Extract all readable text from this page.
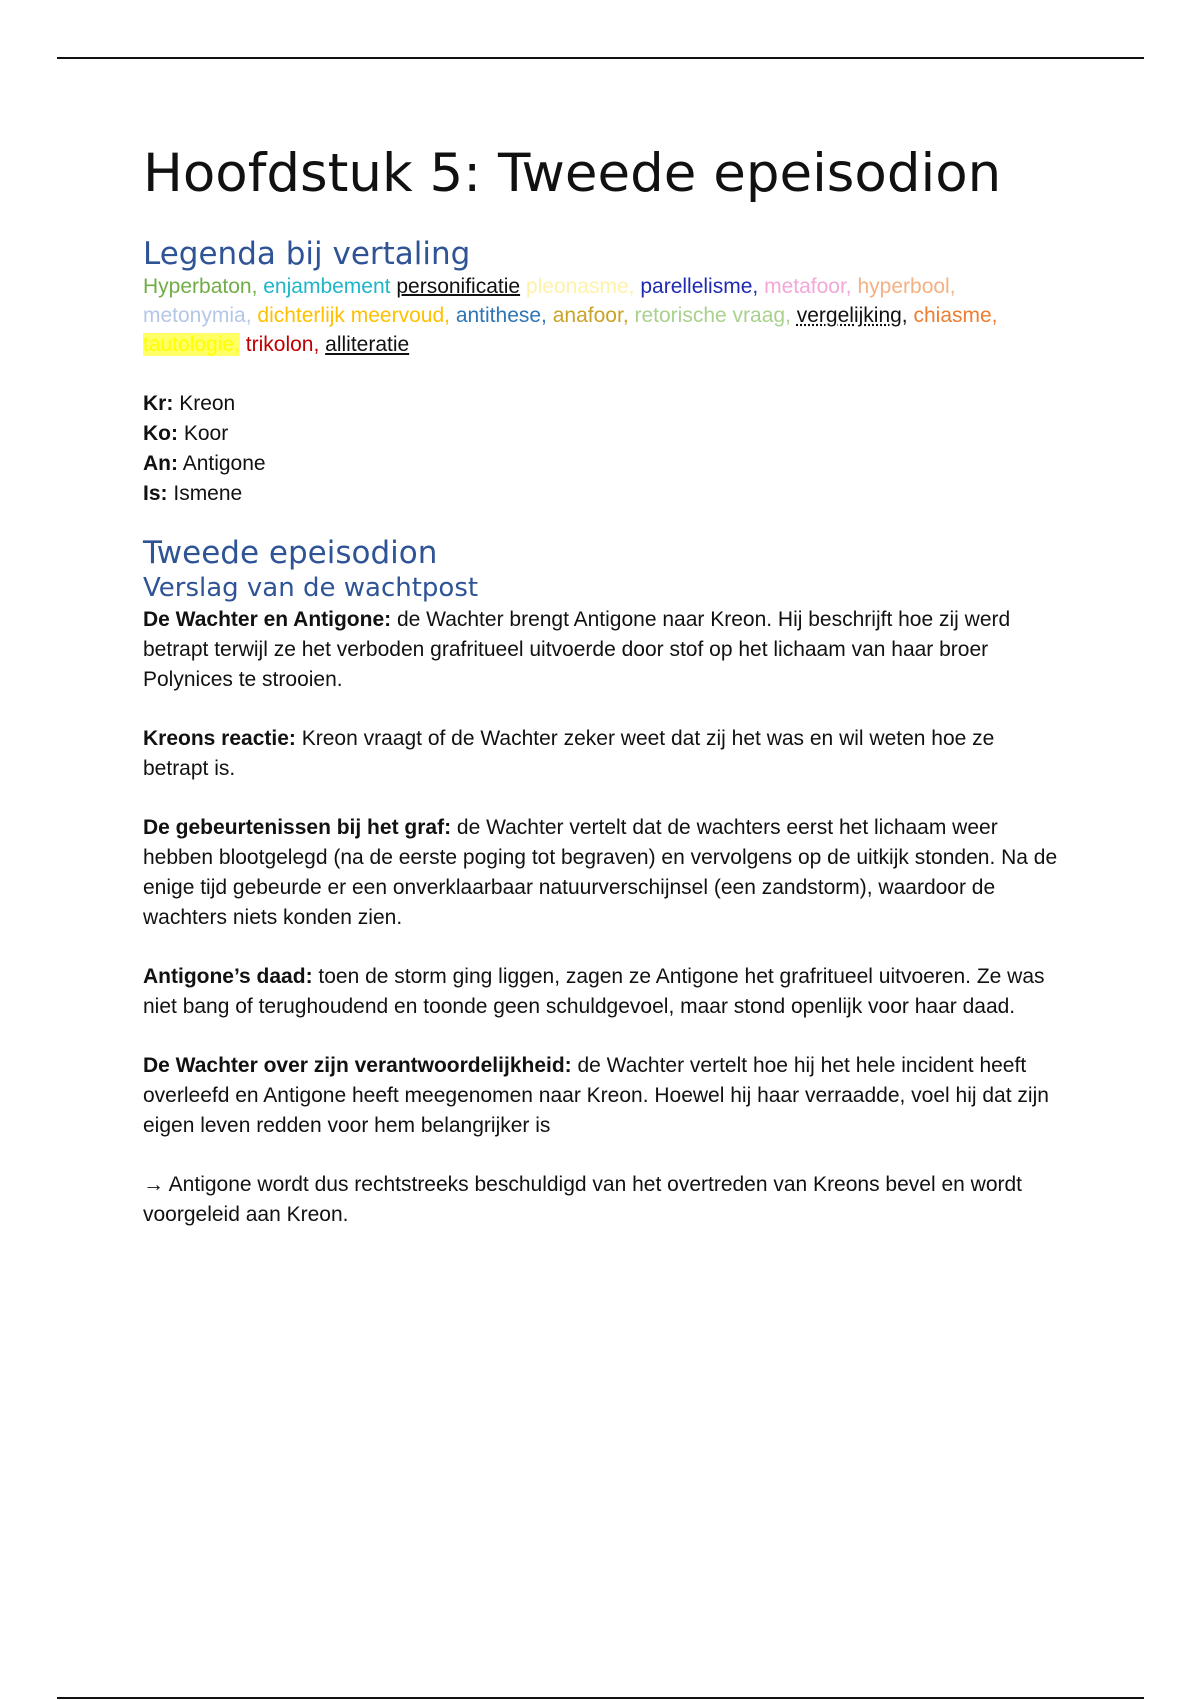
Hoofdstuk 5: Tweede epeisodion
Legenda bij vertaling

Hyperbaton, enjambement personificatie pleonasme, parellelisme, metafoor, hyperbool, metonymia, dichterlijk meervoud, antithese, anafoor, retorische vraag, vergelijking, chiasme, tautologie, trikolon, alliteratie

Kr: Kreon
Ko: Koor
An: Antigone
Is: Ismene
Tweede epeisodion
Verslag van de wachtpost

De Wachter en Antigone: de Wachter brengt Antigone naar Kreon. Hij beschrijft hoe zij werd betrapt terwijl ze het verboden grafritueel uitvoerde door stof op het lichaam van haar broer Polynices te strooien.

Kreons reactie: Kreon vraagt of de Wachter zeker weet dat zij het was en wil weten hoe ze betrapt is.

De gebeurtenissen bij het graf: de Wachter vertelt dat de wachters eerst het lichaam weer hebben blootgelegd (na de eerste poging tot begraven) en vervolgens op de uitkijk stonden. Na de enige tijd gebeurde er een onverklaarbaar natuurverschijnsel (een zandstorm), waardoor de wachters niets konden zien.

Antigone’s daad: toen de storm ging liggen, zagen ze Antigone het grafritueel uitvoeren. Ze was niet bang of terughoudend en toonde geen schuldgevoel, maar stond openlijk voor haar daad.

De Wachter over zijn verantwoordelijkheid: de Wachter vertelt hoe hij het hele incident heeft overleefd en Antigone heeft meegenomen naar Kreon. Hoewel hij haar verraadde, voel hij dat zijn eigen leven redden voor hem belangrijker is

→ Antigone wordt dus rechtstreeks beschuldigd van het overtreden van Kreons bevel en wordt voorgeleid aan Kreon.
